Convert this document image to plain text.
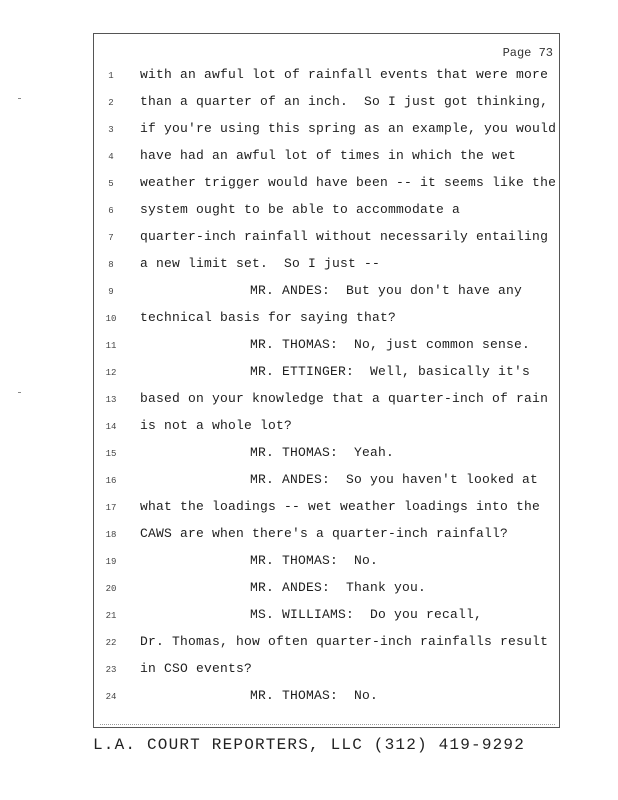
Page 73
1	with an awful lot of rainfall events that were more
2	than a quarter of an inch.  So I just got thinking,
3	if you're using this spring as an example, you would
4	have had an awful lot of times in which the wet
5	weather trigger would have been -- it seems like the
6	system ought to be able to accommodate a
7	quarter-inch rainfall without necessarily entailing
8	a new limit set.  So I just --
9	MR. ANDES:  But you don't have any
10	technical basis for saying that?
11	MR. THOMAS:  No, just common sense.
12	MR. ETTINGER:  Well, basically it's
13	based on your knowledge that a quarter-inch of rain
14	is not a whole lot?
15	MR. THOMAS:  Yeah.
16	MR. ANDES:  So you haven't looked at
17	what the loadings -- wet weather loadings into the
18	CAWS are when there's a quarter-inch rainfall?
19	MR. THOMAS:  No.
20	MR. ANDES:  Thank you.
21	MS. WILLIAMS:  Do you recall,
22	Dr. Thomas, how often quarter-inch rainfalls result
23	in CSO events?
24	MR. THOMAS:  No.
L.A. COURT REPORTERS, LLC (312) 419-9292
